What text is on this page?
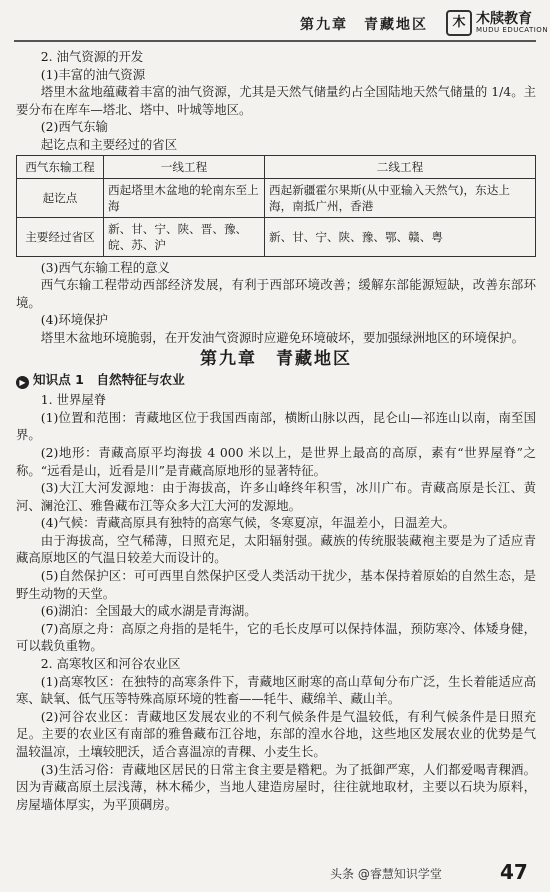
第九章　青藏地区	木 木牍教育
MUDU EDUCATION

2. 油气资源的开发

(1)丰富的油气资源

塔里木盆地蕴藏着丰富的油气资源，尤其是天然气储量约占全国陆地天然气储量的 1/4。主要分布在库车—塔北、塔中、叶城等地区。

(2)西气东输

起讫点和主要经过的省区

西气东输工程	一线工程	二线工程
起讫点	西起塔里木盆地的轮南东至上海	西起新疆霍尔果斯(从中亚输入天然气)，东达上海，南抵广州，香港
主要经过省区	新、甘、宁、陕、晋、豫、皖、苏、沪	新、甘、宁、陕、豫、鄂、赣、粤

(3)西气东输工程的意义

西气东输工程带动西部经济发展，有利于西部环境改善；缓解东部能源短缺，改善东部环境。

(4)环境保护

塔里木盆地环境脆弱，在开发油气资源时应避免环境破坏，要加强绿洲地区的环境保护。

第九章　青藏地区
▶ 知识点 1　自然特征与农业

1. 世界屋脊

(1)位置和范围：青藏地区位于我国西南部，横断山脉以西，昆仑山—祁连山以南，南至国界。

(2)地形：青藏高原平均海拔 4 000 米以上，是世界上最高的高原，素有“世界屋脊”之称。“远看是山，近看是川”是青藏高原地形的显著特征。

(3)大江大河发源地：由于海拔高，许多山峰终年积雪，冰川广布。青藏高原是长江、黄河、澜沧江、雅鲁藏布江等众多大江大河的发源地。

(4)气候：青藏高原具有独特的高寒气候，冬寒夏凉，年温差小，日温差大。

由于海拔高，空气稀薄，日照充足，太阳辐射强。藏族的传统服装藏袍主要是为了适应青藏高原地区的气温日较差大而设计的。

(5)自然保护区：可可西里自然保护区受人类活动干扰少，基本保持着原始的自然生态，是野生动物的天堂。

(6)湖泊：全国最大的咸水湖是青海湖。

(7)高原之舟：高原之舟指的是牦牛，它的毛长皮厚可以保持体温，预防寒冷、体矮身健，可以载负重物。

2. 高寒牧区和河谷农业区

(1)高寒牧区：在独特的高寒条件下，青藏地区耐寒的高山草甸分布广泛，生长着能适应高寒、缺氧、低气压等特殊高原环境的牲畜——牦牛、藏绵羊、藏山羊。

(2)河谷农业区：青藏地区发展农业的不利气候条件是气温较低，有利气候条件是日照充足。主要的农业区有南部的雅鲁藏布江谷地，东部的湟水谷地，这些地区发展农业的优势是气温较温凉，土壤较肥沃，适合喜温凉的青稞、小麦生长。

(3)生活习俗：青藏地区居民的日常主食主要是糌粑。为了抵御严寒，人们都爱喝青稞酒。因为青藏高原土层浅薄，林木稀少，当地人建造房屋时，往往就地取材，主要以石块为原料，房屋墙体厚实，为平顶碉房。

头条 @睿慧知识学堂	47
